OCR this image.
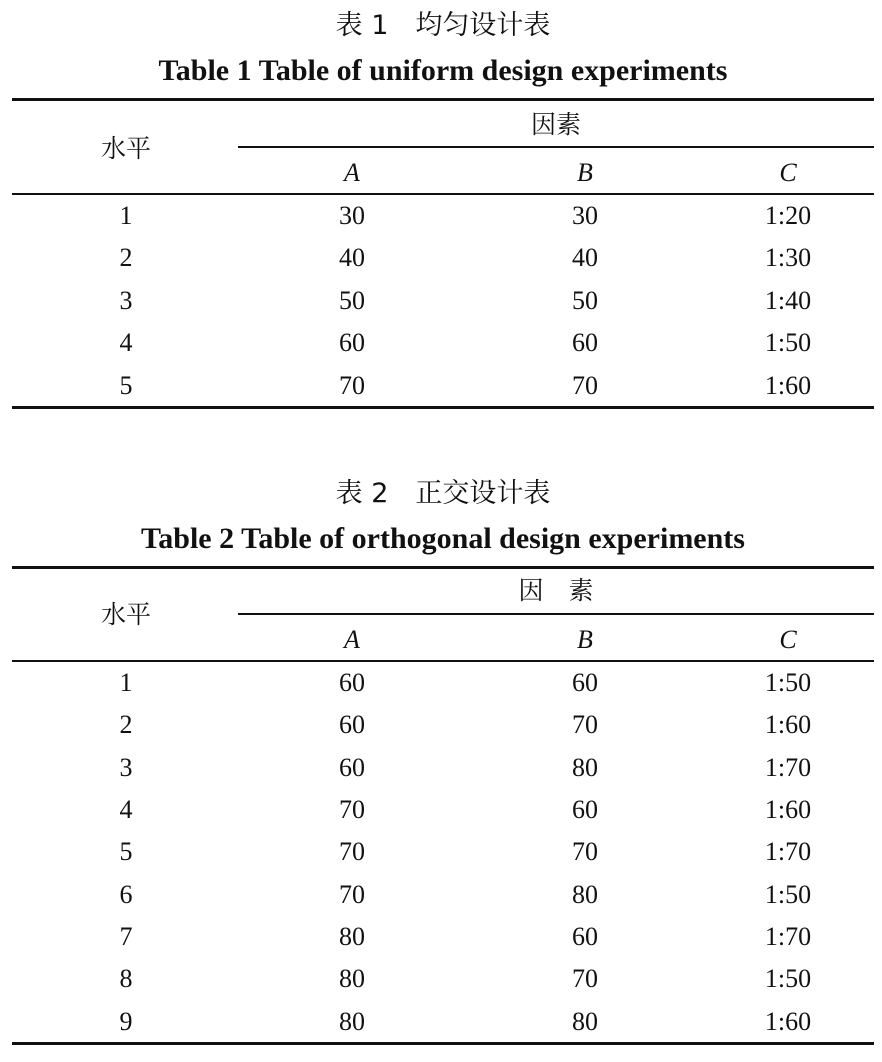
表 1　均匀设计表
Table 1 Table of uniform design experiments
水平
因素
A	B	C
1	30	30	1:20
2	40	40	1:30
3	50	50	1:40
4	60	60	1:50
5	70	70	1:60
表 2　正交设计表
Table 2 Table of orthogonal design experiments
水平
因　素
A	B	C
1	60	60	1:50
2	60	70	1:60
3	60	80	1:70
4	70	60	1:60
5	70	70	1:70
6	70	80	1:50
7	80	60	1:70
8	80	70	1:50
9	80	80	1:60
